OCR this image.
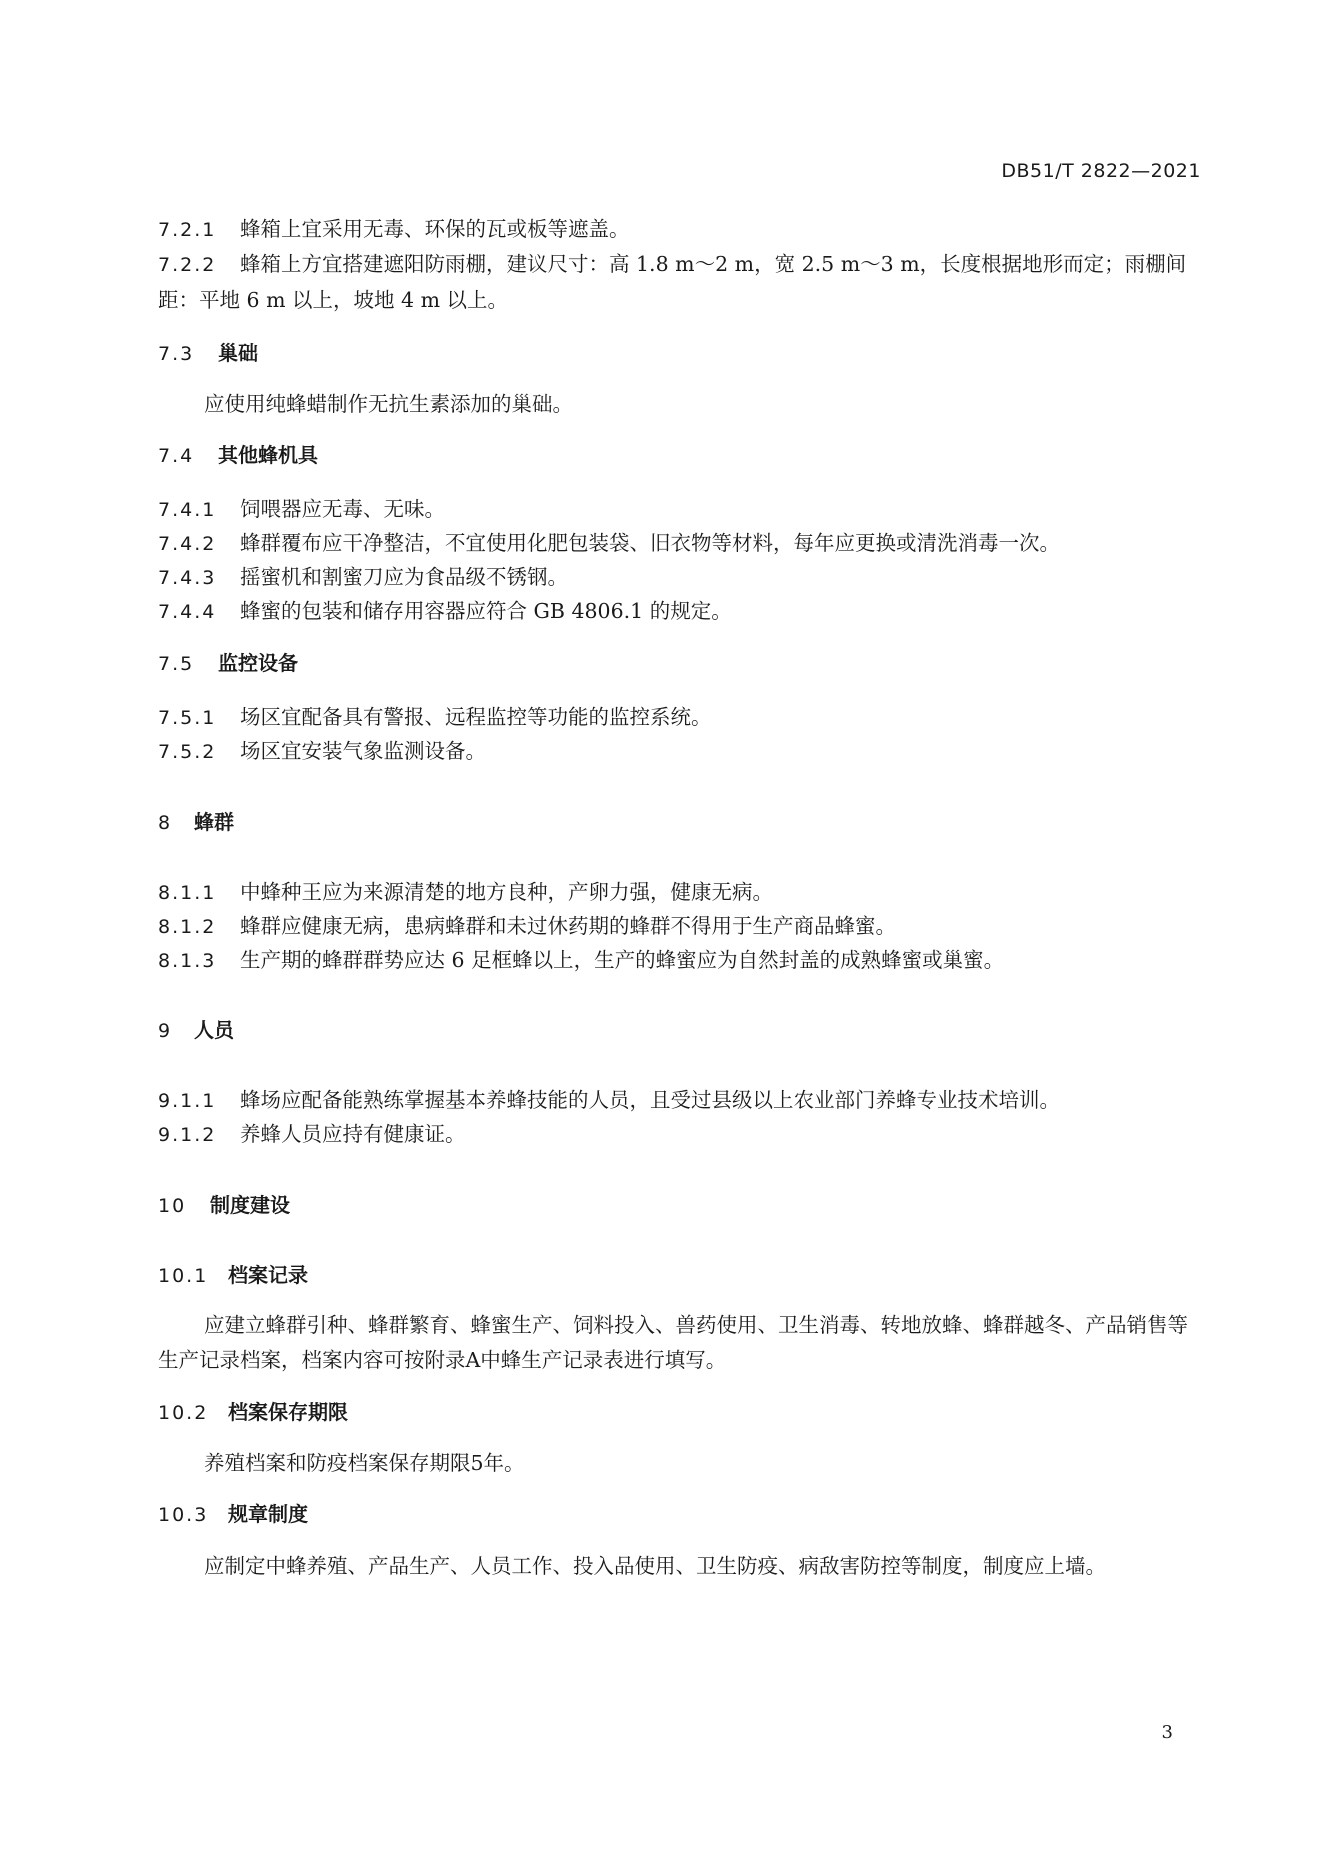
DB51/T 2822—2021
7.2.1 蜂箱上宜采用无毒、环保的瓦或板等遮盖。
7.2.2 蜂箱上方宜搭建遮阳防雨棚，建议尺寸：高 1.8 m～2 m，宽 2.5 m～3 m，长度根据地形而定；雨棚间距：平地 6 m 以上，坡地 4 m 以上。
7.3 巢础
应使用纯蜂蜡制作无抗生素添加的巢础。
7.4 其他蜂机具
7.4.1 饲喂器应无毒、无味。
7.4.2 蜂群覆布应干净整洁，不宜使用化肥包装袋、旧衣物等材料，每年应更换或清洗消毒一次。
7.4.3 摇蜜机和割蜜刀应为食品级不锈钢。
7.4.4 蜂蜜的包装和储存用容器应符合 GB 4806.1 的规定。
7.5 监控设备
7.5.1 场区宜配备具有警报、远程监控等功能的监控系统。
7.5.2 场区宜安装气象监测设备。
8 蜂群
8.1.1 中蜂种王应为来源清楚的地方良种，产卵力强，健康无病。
8.1.2 蜂群应健康无病，患病蜂群和未过休药期的蜂群不得用于生产商品蜂蜜。
8.1.3 生产期的蜂群群势应达 6 足框蜂以上，生产的蜂蜜应为自然封盖的成熟蜂蜜或巢蜜。
9 人员
9.1.1 蜂场应配备能熟练掌握基本养蜂技能的人员，且受过县级以上农业部门养蜂专业技术培训。
9.1.2 养蜂人员应持有健康证。
10 制度建设
10.1 档案记录
应建立蜂群引种、蜂群繁育、蜂蜜生产、饲料投入、兽药使用、卫生消毒、转地放蜂、蜂群越冬、产品销售等生产记录档案，档案内容可按附录A中蜂生产记录表进行填写。
10.2 档案保存期限
养殖档案和防疫档案保存期限5年。
10.3 规章制度
应制定中蜂养殖、产品生产、人员工作、投入品使用、卫生防疫、病敌害防控等制度，制度应上墙。
3
